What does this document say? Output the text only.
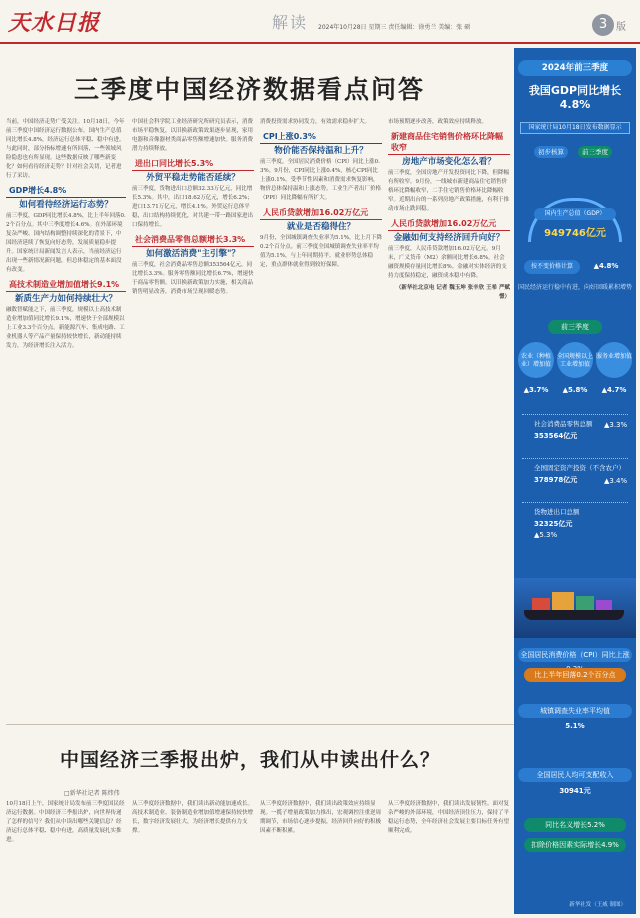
天水日报	解读 2024年10月28日 星期三 责任编辑：徐勇兰 美编：张 硕	3 版
三季度中国经济数据看点问答
当前，中国经济走势广受关注。10月18日，今年前三季度中国经济运行数据公布。国内生产总值同比增长4.8%，经济运行总体平稳、稳中有进。与此同时，部分指标增速有所回落，一些领域风险隐患也有所显现。这些数据反映了哪些新变化？如何看待经济走势？针对社会关切，记者进行了采访。
GDP增长4.8%
如何看待经济运行态势？
前三季度，GDP同比增长4.8%，比上半年回落0.2个百分点。其中三季度增长4.6%。在外部环境复杂严峻、国内结构调整持续深化的背景下，中国经济延续了恢复向好态势，发展质量稳步提升。国家统计局新闻发言人表示，当前经济运行出现一些新情况新问题，但总体稳定的基本面没有改变。
高技术制造业增加值增长9.1%
新质生产力如何持续壮大？
融数智赋能之下，前三季度，规模以上高技术制造业增加值同比增长9.1%，增速快于全部规模以上工业3.3个百分点。新能源汽车、集成电路、工业机器人等产品产量保持较快增长，新动能持续发力，为经济增长注入活力。
中国社会科学院工业经济研究所研究员表示，消费市场平稳恢复，以旧换新政策效果逐步显现，家用电器和音像器材类商品零售额增速加快。服务消费潜力持续释放。
进出口同比增长5.3%
外贸平稳走势能否延续？
前三季度，货物进出口总额32.33万亿元，同比增长5.3%。其中，出口18.62万亿元，增长6.2%；进口13.71万亿元，增长4.1%。外贸运行总体平稳，出口结构持续优化，对共建一带一路国家进出口保持增长。
社会消费品零售总额增长3.3%
如何激活消费"主引擎"？
前三季度，社会消费品零售总额353564亿元，同比增长3.3%。服务零售额同比增长6.7%，增速快于商品零售额。以旧换新政策加力实施，相关商品销售明显改善，消费市场呈现回暖态势。
消费投资需求协同发力，有效需求稳步扩大。
CPI上涨0.3%
物价能否保持温和上升？
前三季度，全国居民消费价格（CPI）同比上涨0.3%。9月份，CPI同比上涨0.4%，核心CPI同比上涨0.1%。受季节性因素和消费需求恢复影响，物价总体保持温和上涨态势。工业生产者出厂价格（PPI）同比降幅有所扩大。
人民币贷款增加16.02万亿元
就业是否稳得住？
9月份，全国城镇调查失业率为5.1%，比上月下降0.2个百分点。前三季度全国城镇调查失业率平均值为5.1%，与上年同期持平。就业形势总体稳定，重点群体就业得到较好保障。
市场预期逐步改善，政策效应持续释放。
新建商品住宅销售价格环比降幅收窄
房地产市场变化怎么看？
前三季度，全国房地产开发投资同比下降，但降幅有所收窄。9月份，一线城市新建商品住宅销售价格环比降幅收窄，二手住宅销售价格环比降幅收窄。近期出台的一系列房地产政策措施，有利于推动市场止跌回稳。
人民币贷款增加16.02万亿元
金融如何支持经济回升向好？
前三季度，人民币贷款增加16.02万亿元。9月末，广义货币（M2）余额同比增长6.8%。社会融资规模存量同比增长8%。金融对实体经济的支持力度保持稳定，融资成本稳中有降。
（新华社北京电 记者 魏玉坤 张辛欣 王希 严赋憬）
中国经济三季报出炉，我们从中读出什么？
□新华社记者 陈炜伟
10月18日上午，国家统计局发布前三季度国民经济运行数据。中国经济三季报出炉，向世界传递了怎样的信号？我们从中读出哪些关键信息？经济运行总体平稳、稳中有进，高质量发展扎实推进。
从三季度经济数据中，我们读出新动能加速成长。高技术制造业、装备制造业增加值增速保持较快增长，数字经济发展壮大，为经济增长提供有力支撑。
从三季度经济数据中，我们读出政策效应持续显现。一揽子增量政策加力推出，宏观调控注重逆周期调节，市场信心逐步提振，经济回升向好的积极因素不断积累。
从三季度经济数据中，我们读出发展韧性。面对复杂严峻的外部环境，中国经济顶住压力，保持了平稳运行态势，全年经济社会发展主要目标任务有望顺利完成。
2024年前三季度
我国GDP同比增长4.8%
国家统计局10月18日发布数据显示
初步核算	前三季度
国内生产总值（GDP）
949746亿元
按不变价格计算	▲4.8%
国民经济运行稳中有进，向好回暖累积增势
前三季度
农业（种植业）增加值
全国规模以上工业增加值
服务业增加值
▲3.7%	▲5.8%	▲4.7%
社会消费品零售总额
353564亿元
▲3.3%
全国固定资产投资（不含农户）
378978亿元	▲3.4%
货物进出口总额
32325亿元
▲5.3%
全国居民消费价格（CPI）同比上涨
比上半年回落0.2个百分点
城镇调查失业率平均值
5.1%
全国居民人均可支配收入
30941元
同比名义增长5.2%
扣除价格因素实际增长4.9%
新华社发（王威 制图）
